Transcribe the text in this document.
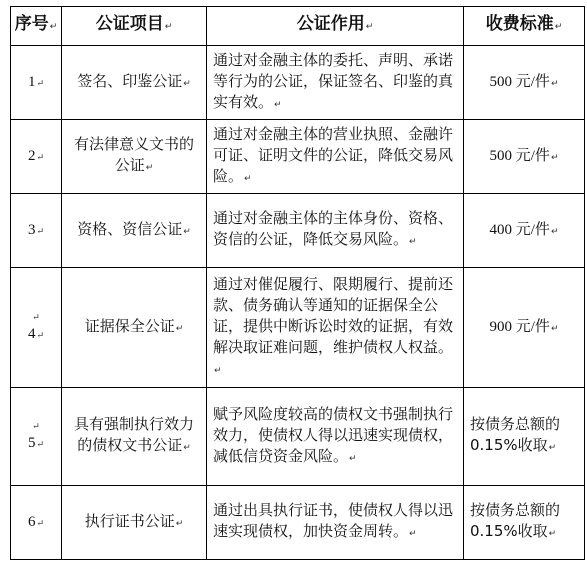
序号↵	公证项目↵	公证作用↵	收费标准↵
1↵	签名、印鉴公证↵	通过对金融主体的委托、声明、承诺等行为的公证，保证签名、印鉴的真实有效。↵	500 元/件↵
2↵	有法律意义文书的公证↵	通过对金融主体的营业执照、金融许可证、证明文件的公证，降低交易风险。↵	500 元/件↵
3↵	资格、资信公证↵	通过对金融主体的主体身份、资格、资信的公证，降低交易风险。↵	400 元/件↵

↵
4↵	证据保全公证↵	通过对催促履行、限期履行、提前还款、债务确认等通知的证据保全公证，提供中断诉讼时效的证据，有效解决取证难问题，维护债权人权益。↵	900 元/件↵

↵
5↵	具有强制执行效力的债权文书公证↵	赋予风险度较高的债权文书强制执行效力，使债权人得以迅速实现债权，减低信贷资金风险。↵	按债务总额的 0.15%收取↵
6↵	执行证书公证↵	通过出具执行证书，使债权人得以迅速实现债权，加快资金周转。↵	按债务总额的 0.15%收取↵
